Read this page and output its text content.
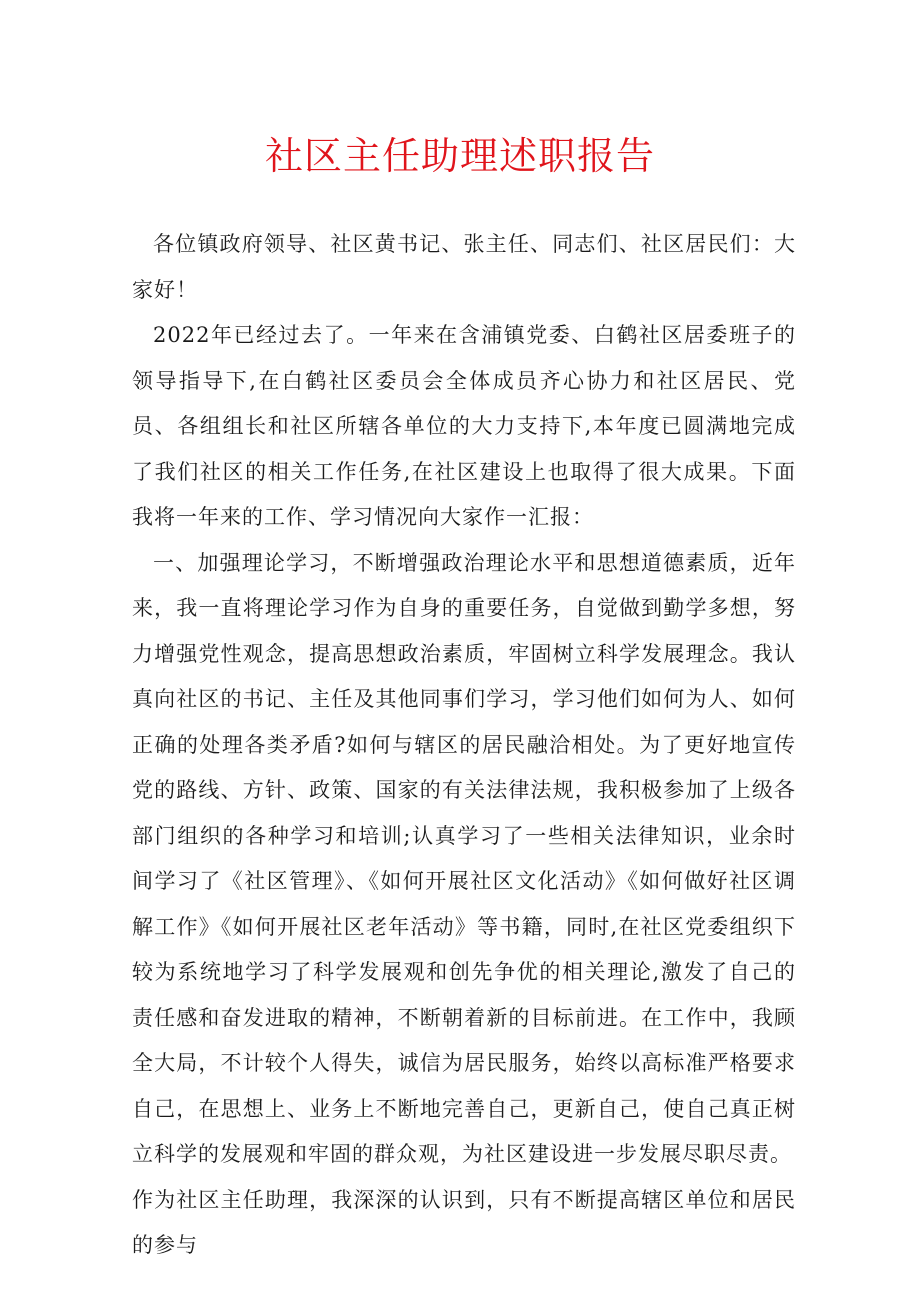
社区主任助理述职报告

各位镇政府领导、社区黄书记、张主任、同志们、社区居民们：大家好！

2022年已经过去了。一年来在含浦镇党委、白鹤社区居委班子的领导指导下,在白鹤社区委员会全体成员齐心协力和社区居民、党员、各组组长和社区所辖各单位的大力支持下,本年度已圆满地完成了我们社区的相关工作任务,在社区建设上也取得了很大成果。下面我将一年来的工作、学习情况向大家作一汇报：

一、加强理论学习，不断增强政治理论水平和思想道德素质，近年来，我一直将理论学习作为自身的重要任务，自觉做到勤学多想，努力增强党性观念，提高思想政治素质，牢固树立科学发展理念。我认真向社区的书记、主任及其他同事们学习，学习他们如何为人、如何正确的处理各类矛盾?如何与辖区的居民融洽相处。为了更好地宣传党的路线、方针、政策、国家的有关法律法规，我积极参加了上级各部门组织的各种学习和培训;认真学习了一些相关法律知识，业余时间学习了《社区管理》、《如何开展社区文化活动》《如何做好社区调解工作》《如何开展社区老年活动》等书籍，同时,在社区党委组织下较为系统地学习了科学发展观和创先争优的相关理论,激发了自己的责任感和奋发进取的精神，不断朝着新的目标前进。在工作中，我顾全大局，不计较个人得失，诚信为居民服务，始终以高标准严格要求自己，在思想上、业务上不断地完善自己，更新自己，使自己真正树立科学的发展观和牢固的群众观，为社区建设进一步发展尽职尽责。

作为社区主任助理，我深深的认识到，只有不断提高辖区单位和居民的参与
